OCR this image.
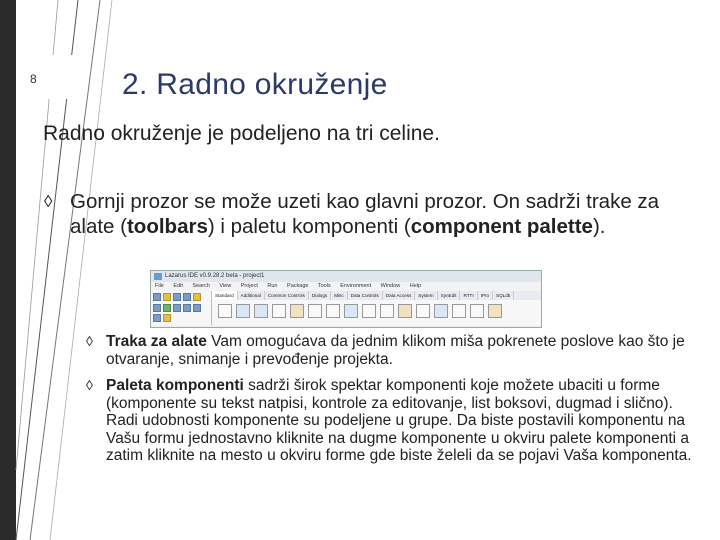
8	2. Radno okruženje
Radno okruženje je podeljeno na tri celine.
◊ Gornji prozor se može uzeti kao glavni prozor. On sadrži trake za alate (toolbars) i paletu komponenti (component palette).
Lazarus IDE v0.9.28.2 beta - project1
File Edit Search View Project Run Package Tools Environment Window Help
Standard	Additional	Common Controls	Dialogs	Misc	Data Controls	Data Access	System	SynEdit	RTTI	IPro	SQLdb
◊ Traka za alate Vam omogućava da jednim klikom miša pokrenete poslove kao što je otvaranje, snimanje i prevođenje projekta.
◊ Paleta komponenti sadrži širok spektar komponenti koje možete ubaciti u forme (komponente su tekst natpisi, kontrole za editovanje, list boksovi, dugmad i slično). Radi udobnosti komponente su podeljene u grupe. Da biste postavili komponentu na Vašu formu jednostavno kliknite na dugme komponente u okviru palete komponenti a zatim kliknite na mesto u okviru forme gde biste želeli da se pojavi Vaša komponenta.
